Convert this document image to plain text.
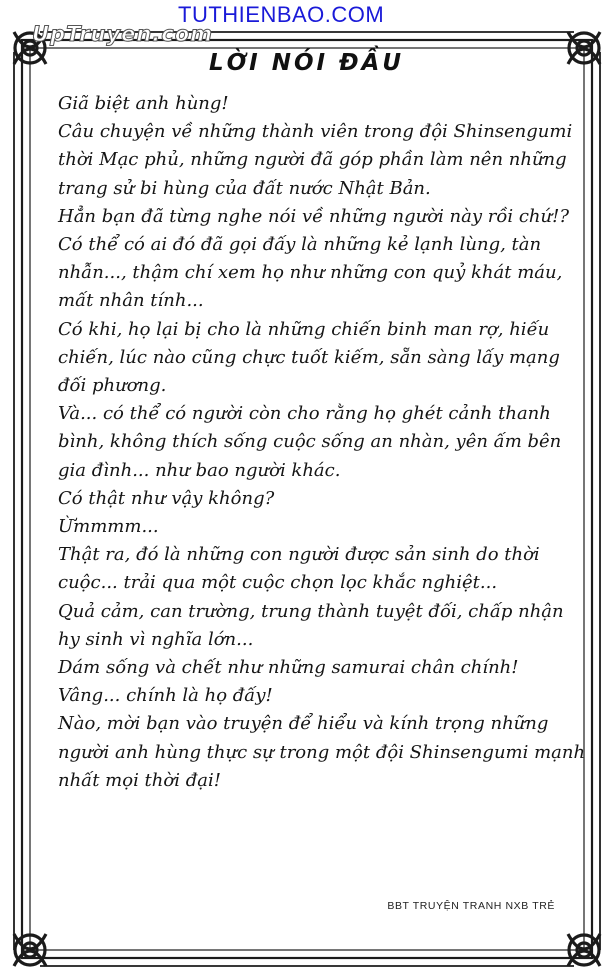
TUTHIENBAO.COM
UpTruyen.com
LỜI NÓI ĐẦU
Giã biệt anh hùng!
Câu chuyện về những thành viên trong đội Shinsengumi
thời Mạc phủ, những người đã góp phần làm nên những
trang sử bi hùng của đất nước Nhật Bản.
Hẳn bạn đã từng nghe nói về những người này rồi chứ!?
Có thể có ai đó đã gọi đấy là những kẻ lạnh lùng, tàn
nhẫn..., thậm chí xem họ như những con quỷ khát máu,
mất nhân tính...
Có khi, họ lại bị cho là những chiến binh man rợ, hiếu
chiến, lúc nào cũng chực tuốt kiếm, sẵn sàng lấy mạng
đối phương.
Và... có thể có người còn cho rằng họ ghét cảnh thanh
bình, không thích sống cuộc sống an nhàn, yên ấm bên
gia đình... như bao người khác.
Có thật như vậy không?
Ừmmmm...
Thật ra, đó là những con người được sản sinh do thời
cuộc... trải qua một cuộc chọn lọc khắc nghiệt...
Quả cảm, can trường, trung thành tuyệt đối, chấp nhận
hy sinh vì nghĩa lớn...
Dám sống và chết như những samurai chân chính!
Vâng... chính là họ đấy!
Nào, mời bạn vào truyện để hiểu và kính trọng những
người anh hùng thực sự trong một đội Shinsengumi mạnh
nhất mọi thời đại!
BBT TRUYỆN TRANH NXB TRẺ
